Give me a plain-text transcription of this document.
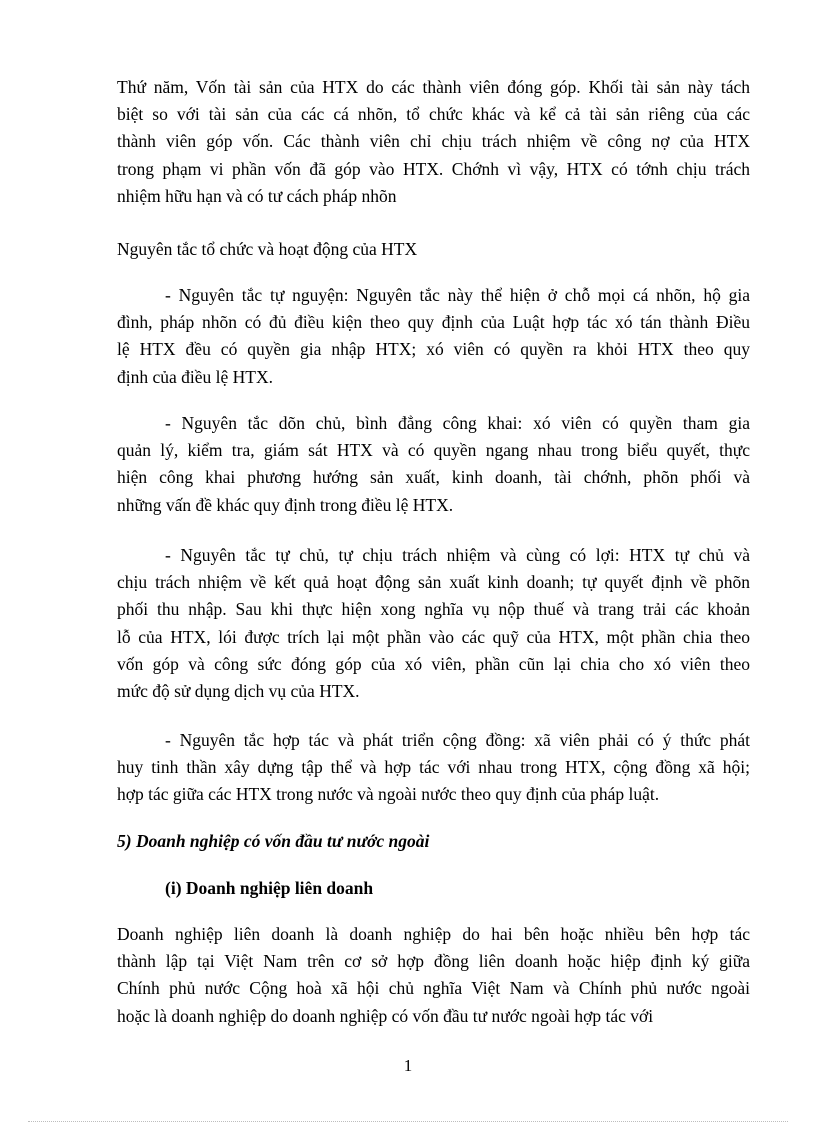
Thứ năm, Vốn tài sản của HTX do các thành viên đóng góp. Khối tài sản này tách
biệt so với tài sản của các cá nhõn, tổ chức khác và kể cả tài sản riêng của các
thành viên góp vốn. Các thành viên chỉ chịu trách nhiệm về công nợ của HTX
trong phạm vi phần vốn đã góp vào HTX. Chớnh vì vậy, HTX có tớnh chịu trách
nhiệm hữu hạn và có tư cách pháp nhõn
Nguyên tắc tổ chức và hoạt động của HTX
- Nguyên tắc tự nguyện: Nguyên tắc này thể hiện ở chỗ mọi cá nhõn, hộ gia
đình, pháp nhõn có đủ điều kiện theo quy định của Luật hợp tác xó tán thành Điều
lệ HTX đều có quyền gia nhập HTX; xó viên có quyền ra khỏi HTX theo quy
định của điều lệ HTX.
- Nguyên tắc dõn chủ, bình đẳng công khai: xó viên có quyền tham gia
quản lý, kiểm tra, giám sát HTX và có quyền ngang nhau trong biểu quyết, thực
hiện công khai phương hướng sản xuất, kinh doanh, tài chớnh, phõn phối và
những vấn đề khác quy định trong điều lệ HTX.
- Nguyên tắc tự chủ, tự chịu trách nhiệm và cùng có lợi: HTX tự chủ và
chịu trách nhiệm về kết quả hoạt động sản xuất kinh doanh; tự quyết định về phõn
phối thu nhập. Sau khi thực hiện xong nghĩa vụ nộp thuế và trang trải các khoản
lỗ của HTX, lói được trích lại một phần vào các quỹ của HTX, một phần chia theo
vốn góp và công sức đóng góp của xó viên, phần cũn lại chia cho xó viên theo
mức độ sử dụng dịch vụ của HTX.
- Nguyên tắc hợp tác và phát triển cộng đồng: xã viên phải có ý thức phát
huy tinh thần xây dựng tập thể và hợp tác với nhau trong HTX, cộng đồng xã hội;
hợp tác giữa các HTX trong nước và ngoài nước theo quy định của pháp luật.
5) Doanh nghiệp có vốn đầu tư nước ngoài
(i) Doanh nghiệp liên doanh
Doanh nghiệp liên doanh là doanh nghiệp do hai bên hoặc nhiều bên hợp tác
thành lập tại Việt Nam trên cơ sở hợp đồng liên doanh hoặc hiệp định ký giữa
Chính phủ nước Cộng hoà xã hội chủ nghĩa Việt Nam và Chính phủ nước ngoài
hoặc là doanh nghiệp do doanh nghiệp có vốn đầu tư nước ngoài hợp tác với
1
